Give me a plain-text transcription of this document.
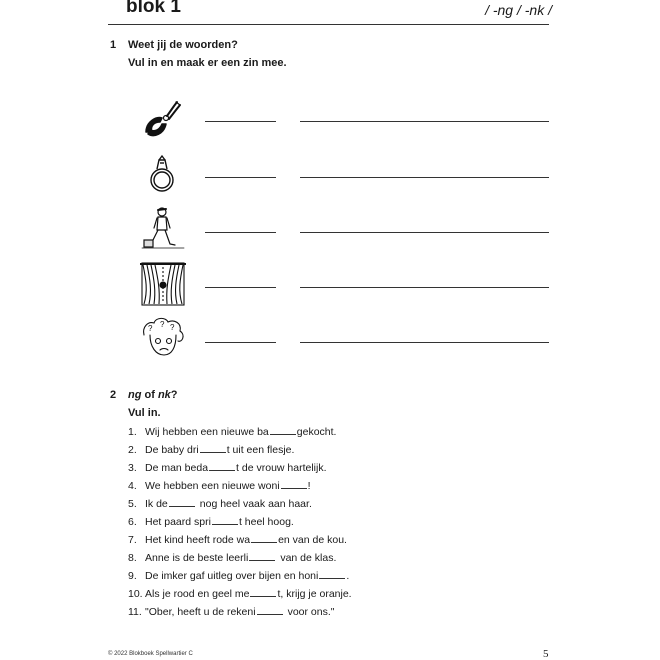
blok 1	/ -ng / -nk /
1 Weet jij de woorden?
Vul in en maak er een zin mee.
? ? ?
2 ng of nk?
Vul in.
1. Wij hebben een nieuwe ba	gekocht.
2. De baby dri	t uit een flesje.
3. De man beda	t de vrouw hartelijk.
4. We hebben een nieuwe woni	!
5. Ik de	nog heel vaak aan haar.
6. Het paard spri	t heel hoog.
7. Het kind heeft rode wa	en van de kou.
8. Anne is de beste leerli	van de klas.
9. De imker gaf uitleg over bijen en honi	.
10. Als je rood en geel me	t, krijg je oranje.
11. "Ober, heeft u de rekeni	voor ons."
© 2022 Blokboek Spellwartier C	5
